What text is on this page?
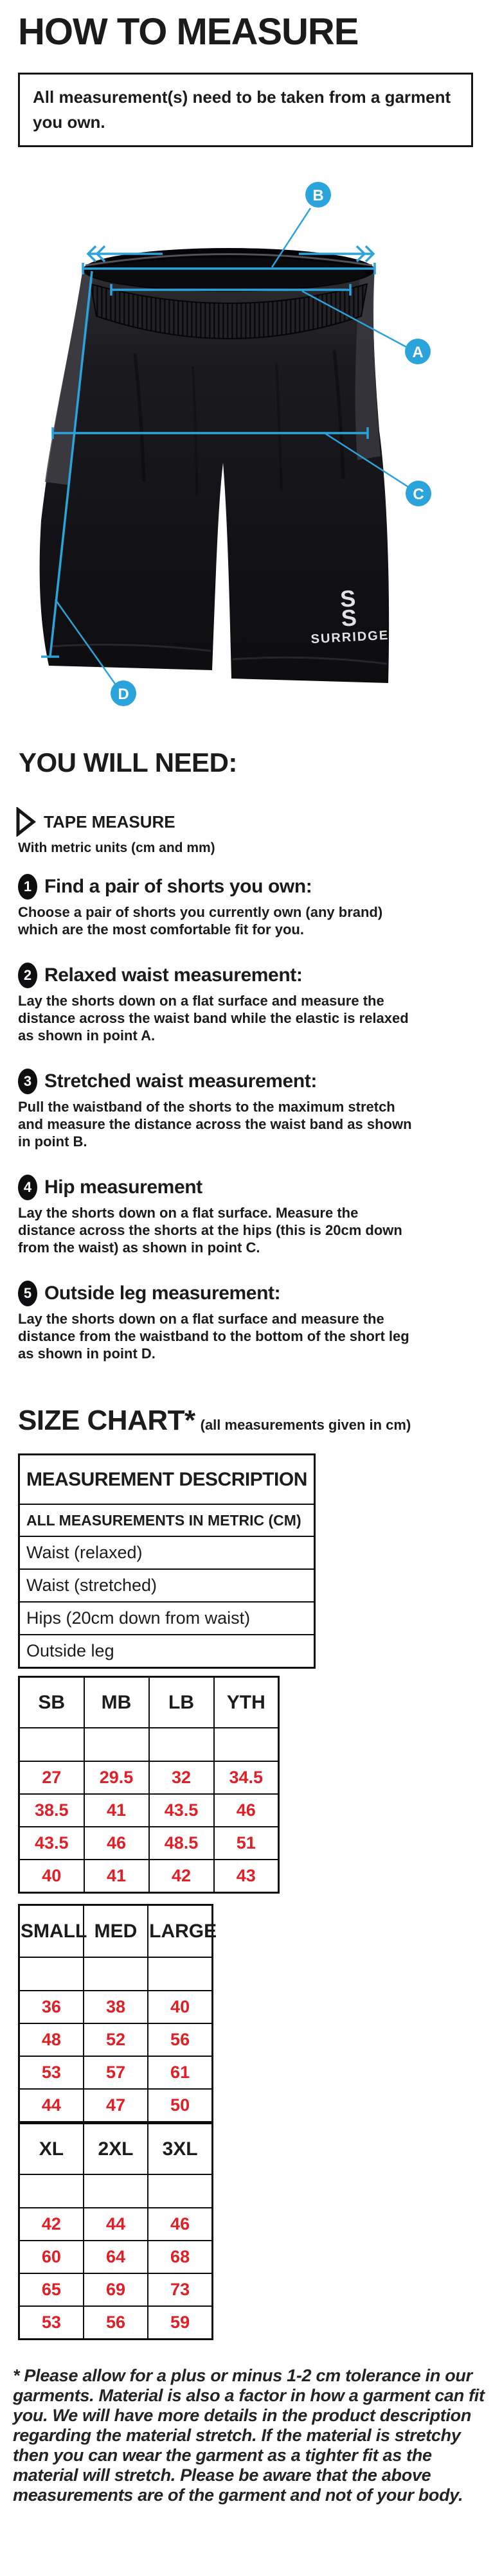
HOW TO MEASURE
All measurement(s) need to be taken from a garment you own.
S
S
SURRIDGE
A
B
C
D
YOU WILL NEED:
TAPE MEASURE
With metric units (cm and mm)
1 Find a pair of shorts you own:

Choose a pair of shorts you currently own (any brand) which are the most comfortable fit for you.

2 Relaxed waist measurement:

Lay the shorts down on a flat surface and measure the distance across the waist band while the elastic is relaxed as shown in point A.

3 Stretched waist measurement:

Pull the waistband of the shorts to the maximum stretch and measure the distance across the waist band as shown in point B.

4 Hip measurement

Lay the shorts down on a flat surface. Measure the distance across the shorts at the hips (this is 20cm down from the waist) as shown in point C.

5 Outside leg measurement:

Lay the shorts down on a flat surface and measure the distance from the waistband to the bottom of the short leg as shown in point D.

SIZE CHART* (all measurements given in cm)
MEASUREMENT DESCRIPTION
ALL MEASUREMENTS IN METRIC (CM)
Waist (relaxed)
Waist (stretched)
Hips (20cm down from waist)
Outside leg
SB	MB	LB	YTH

27	29.5	32	34.5
38.5	41	43.5	46
43.5	46	48.5	51
40	41	42	43
SMALL	MED	LARGE

36	38	40
48	52	56
53	57	61
44	47	50
XL	2XL	3XL

42	44	46
60	64	68
65	69	73
53	56	59
* Please allow for a plus or minus 1-2 cm tolerance in our garments. Material is also a factor in how a garment can fit you. We will have more details in the product description regarding the material stretch. If the material is stretchy then you can wear the garment as a tighter fit as the material will stretch. Please be aware that the above measurements are of the garment and not of your body.
